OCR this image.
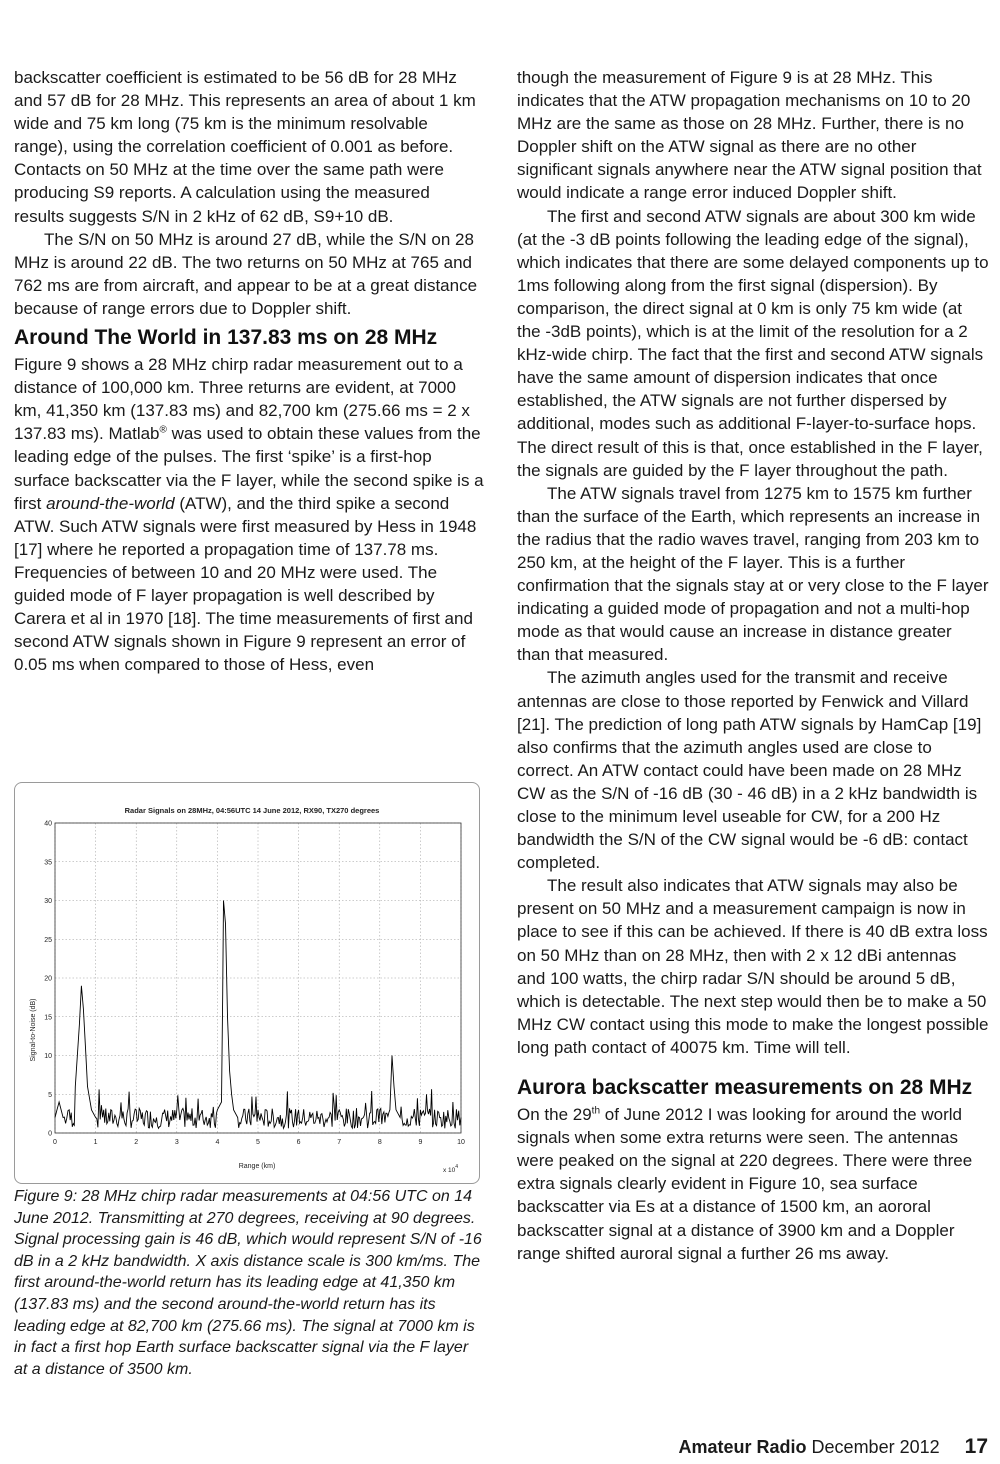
backscatter coefficient is estimated to be 56 dB for 28 MHz and 57 dB for 28 MHz. This represents an area of about 1 km wide and 75 km long (75 km is the minimum resolvable range), using the correlation coefficient of 0.001 as before. Contacts on 50 MHz at the time over the same path were producing S9 reports. A calculation using the measured results suggests S/N in 2 kHz of 62 dB, S9+10 dB.

The S/N on 50 MHz is around 27 dB, while the S/N on 28 MHz is around 22 dB. The two returns on 50 MHz at 765 and 762 ms are from aircraft, and appear to be at a great distance because of range errors due to Doppler shift.

Around The World in 137.83 ms on 28 MHz

Figure 9 shows a 28 MHz chirp radar measurement out to a distance of 100,000 km. Three returns are evident, at 7000 km, 41,350 km (137.83 ms) and 82,700 km (275.66 ms = 2 x 137.83 ms). Matlab® was used to obtain these values from the leading edge of the pulses. The first ‘spike’ is a first-hop surface backscatter via the F layer, while the second spike is a first around-the-world (ATW), and the third spike a second ATW. Such ATW signals were first measured by Hess in 1948 [17] where he reported a propagation time of 137.78 ms. Frequencies of between 10 and 20 MHz were used. The guided mode of F layer propagation is well described by Carera et al in 1970 [18]. The time measurements of first and second ATW signals shown in Figure 9 represent an error of 0.05 ms when compared to those of Hess, even

Radar Signals on 28MHz, 04:56UTC 14 June 2012, RX90, TX270 degrees
0	1	2	3	4	5	6	7	8	9	10
0
5
10
15
20
25
30
35
40
Range (km)
Signal-to-Noise (dB)
x $10^4$

Figure 9: 28 MHz chirp radar measurements at 04:56 UTC on 14 June 2012. Transmitting at 270 degrees, receiving at 90 degrees. Signal processing gain is 46 dB, which would represent S/N of -16 dB in a 2 kHz bandwidth. X axis distance scale is 300 km/ms. The first around-the-world return has its leading edge at 41,350 km (137.83 ms) and the second around-the-world return has its leading edge at 82,700 km (275.66 ms). The signal at 7000 km is in fact a first hop Earth surface backscatter signal via the F layer at a distance of 3500 km.

though the measurement of Figure 9 is at 28 MHz. This indicates that the ATW propagation mechanisms on 10 to 20 MHz are the same as those on 28 MHz. Further, there is no Doppler shift on the ATW signal as there are no other significant signals anywhere near the ATW signal position that would indicate a range error induced Doppler shift.

The first and second ATW signals are about 300 km wide (at the -3 dB points following the leading edge of the signal), which indicates that there are some delayed components up to 1ms following along from the first signal (dispersion). By comparison, the direct signal at 0 km is only 75 km wide (at the -3dB points), which is at the limit of the resolution for a 2 kHz-wide chirp. The fact that the first and second ATW signals have the same amount of dispersion indicates that once established, the ATW signals are not further dispersed by additional, modes such as additional F-layer-to-surface hops. The direct result of this is that, once established in the F layer, the signals are guided by the F layer throughout the path.

The ATW signals travel from 1275 km to 1575 km further than the surface of the Earth, which represents an increase in the radius that the radio waves travel, ranging from 203 km to 250 km, at the height of the F layer. This is a further confirmation that the signals stay at or very close to the F layer indicating a guided mode of propagation and not a multi-hop mode as that would cause an increase in distance greater than that measured.

The azimuth angles used for the transmit and receive antennas are close to those reported by Fenwick and Villard [21]. The prediction of long path ATW signals by HamCap [19] also confirms that the azimuth angles used are close to correct. An ATW contact could have been made on 28 MHz CW as the S/N of -16 dB (30 - 46 dB) in a 2 kHz bandwidth is close to the minimum level useable for CW, for a 200 Hz bandwidth the S/N of the CW signal would be -6 dB: contact completed.

The result also indicates that ATW signals may also be present on 50 MHz and a measurement campaign is now in place to see if this can be achieved. If there is 40 dB extra loss on 50 MHz than on 28 MHz, then with 2 x 12 dBi antennas and 100 watts, the chirp radar S/N should be around 5 dB, which is detectable. The next step would then be to make a 50 MHz CW contact using this mode to make the longest possible long path contact of 40075 km. Time will tell.

Aurora backscatter measurements on 28 MHz

On the 29th of June 2012 I was looking for around the world signals when some extra returns were seen. The antennas were peaked on the signal at 220 degrees. There were three extra signals clearly evident in Figure 10, sea surface backscatter via Es at a distance of 1500 km, an aororal backscatter signal at a distance of 3900 km and a Doppler range shifted auroral signal a further 26 ms away.

Amateur Radio December 2012 17
